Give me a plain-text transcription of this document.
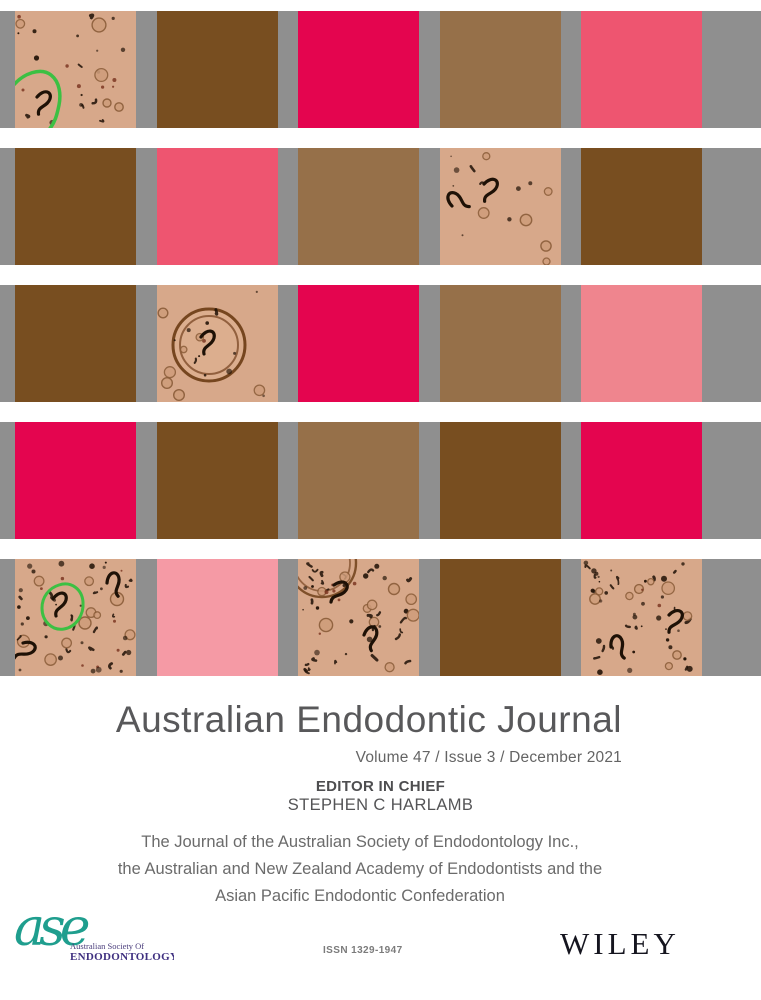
Australian Endodontic Journal
Volume 47 / Issue 3 / December 2021
EDITOR IN CHIEF
STEPHEN C HARLAMB
The Journal of the Australian Society of Endodontology Inc.,
the Australian and New Zealand Academy of Endodontists and the
Asian Pacific Endodontic Confederation
ase
Australian Society Of
ENDODONTOLOGY
ISSN 1329-1947	WILEY
